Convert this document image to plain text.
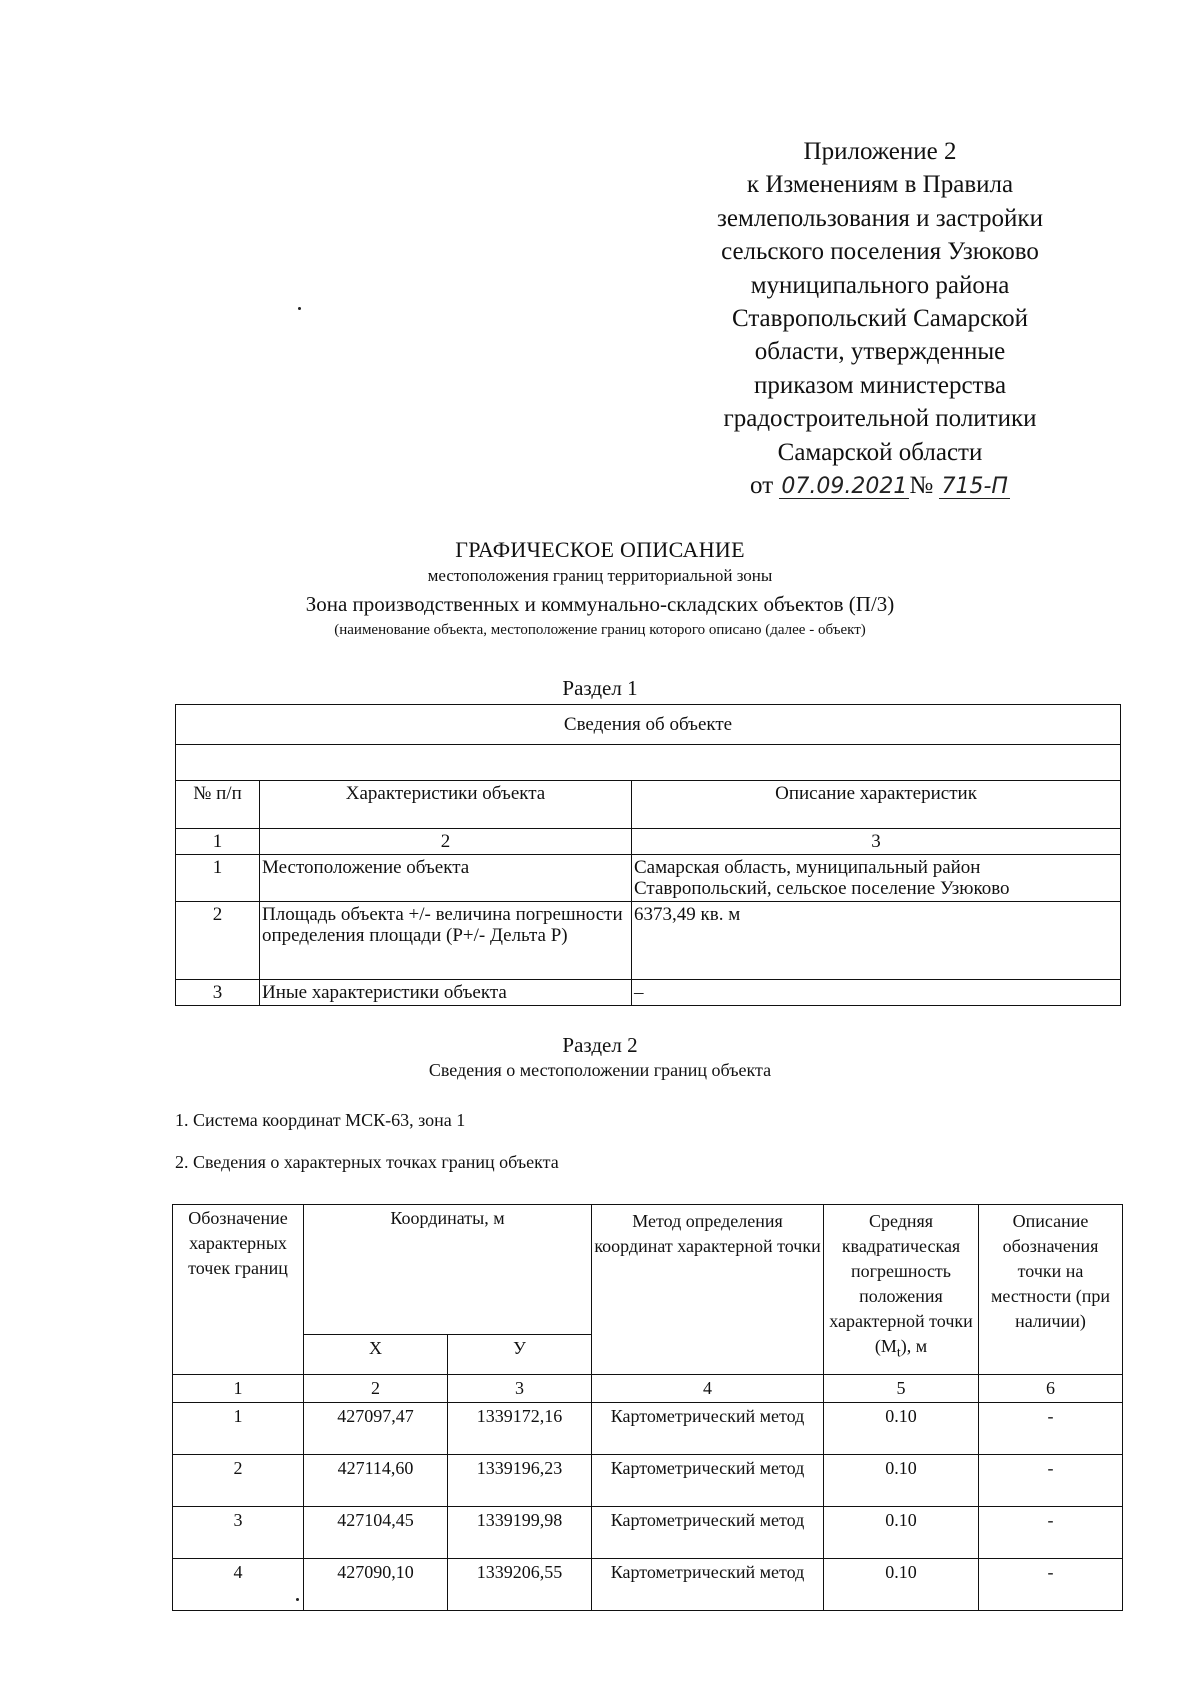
Приложение 2
к Изменениям в Правила
землепользования и застройки
сельского поселения Узюково
муниципального района
Ставропольский Самарской
области, утвержденные
приказом министерства
градостроительной политики
Самарской области
от 07.09.2021№ 715-П
ГРАФИЧЕСКОЕ ОПИСАНИЕ
местоположения границ территориальной зоны
Зона производственных и коммунально-складских объектов (П/3)
(наименование объекта, местоположение границ которого описано (далее - объект)
Раздел 1
Сведения об объекте		

№ п/п	Характеристики объекта	Описание характеристик
1	2	3
1	Местоположение объекта	Самарская область, муниципальный район Ставропольский, сельское поселение Узюково
2	Площадь объекта +/- величина погрешности определения площади (Р+/- Дельта Р)	6373,49 кв. м
3	Иные характеристики объекта	–
Раздел 2
Сведения о местоположении границ объекта
1. Система координат МСК-63, зона 1
2. Сведения о характерных точках границ объекта
Обозначение характерных точек границ	Координаты, м		Метод определения координат характерной точки	Средняя квадратическая погрешность положения характерной точки $(M_t)$, м	Описание обозначения точки на местности (при наличии)
	X	У			
1	2	3	4	5	6
1	427097,47	1339172,16	Картометрический метод	0.10	-
2	427114,60	1339196,23	Картометрический метод	0.10	-
3	427104,45	1339199,98	Картометрический метод	0.10	-
4	427090,10	1339206,55	Картометрический метод	0.10	-
